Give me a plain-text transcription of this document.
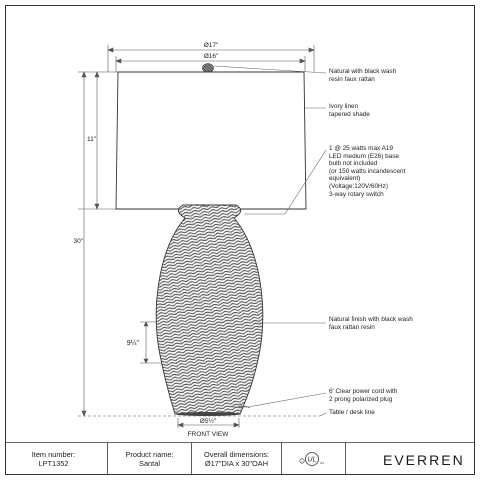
Ø17"
Ø16"
11"
30"
9¼"
Ø5½"
FRONT VIEW
Natural with black wash
resin faux rattan
Ivory linen
tapered shade
1 @ 25 watts max A19
LED medium (E26) base
bulb not included
(or 150 watts incandescent
equivalent)
(Voltage:120V/60Hz)
3-way rotary switch
Natural finish with black wash
faux rattan resin
6' Clear power cord with
2 prong polarized plug
Table / desk line
Item number:
LPT1352
Product name:
Santal
Overall dimensions:
Ø17"DIA x 30"OAH	c UL US	EVERREN
